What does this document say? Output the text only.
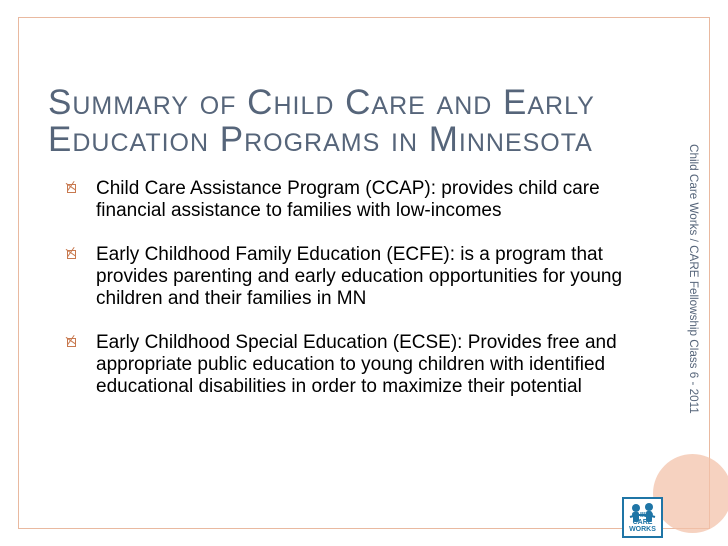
Summary of Child Care and Early
Education Programs in Minnesota
Child Care Assistance Program (CCAP): provides child care financial assistance to families with low-incomes
Early Childhood Family Education (ECFE): is a program that provides parenting and early education opportunities for young children and their families in MN
Early Childhood Special Education (ECSE): Provides free and appropriate public education to young children with identified educational disabilities in order to maximize their potential	Child Care Works / CARE Fellowship Class 6 - 2011
CHILD CARE WORKS
